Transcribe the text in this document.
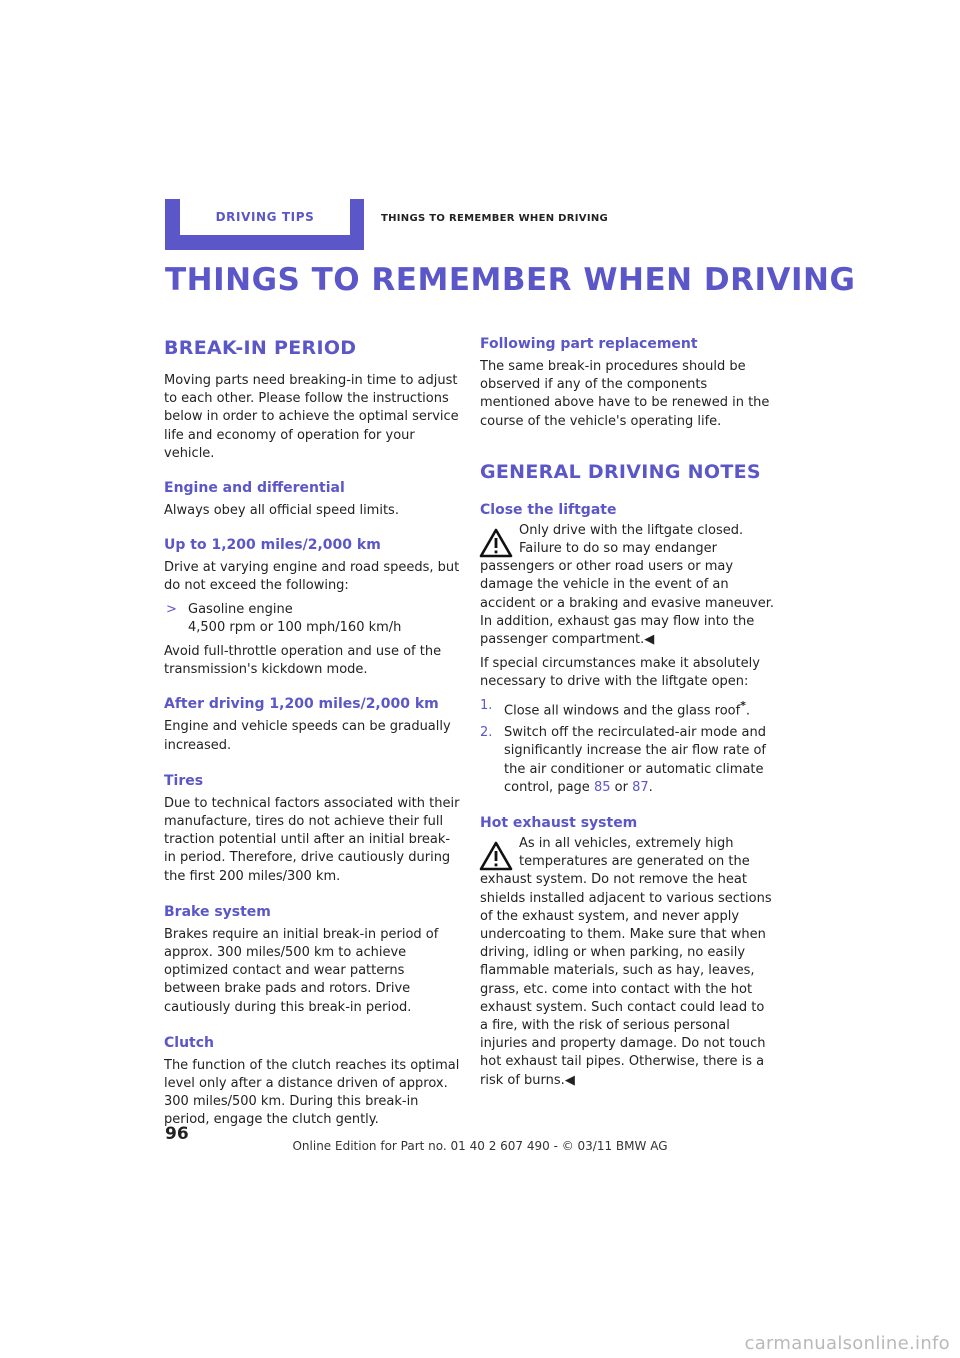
DRIVING TIPS	THINGS TO REMEMBER WHEN DRIVING
THINGS TO REMEMBER WHEN DRIVING
BREAK-IN PERIOD

Moving parts need breaking-in time to adjust to each other. Please follow the instructions below in order to achieve the optimal service life and economy of operation for your vehicle.

Engine and differential

Always obey all official speed limits.

Up to 1,200 miles/2,000 km

Drive at varying engine and road speeds, but do not exceed the following:

> Gasoline engine
4,500 rpm or 100 mph/160 km/h

Avoid full-throttle operation and use of the transmission's kickdown mode.

After driving 1,200 miles/2,000 km

Engine and vehicle speeds can be gradually increased.

Tires

Due to technical factors associated with their manufacture, tires do not achieve their full traction potential until after an initial break-in period. Therefore, drive cautiously during the first 200 miles/300 km.

Brake system

Brakes require an initial break-in period of approx. 300 miles/500 km to achieve optimized contact and wear patterns between brake pads and rotors. Drive cautiously during this break-in period.

Clutch

The function of the clutch reaches its optimal level only after a distance driven of approx. 300 miles/500 km. During this break-in period, engage the clutch gently.

Following part replacement

The same break-in procedures should be observed if any of the components mentioned above have to be renewed in the course of the vehicle's operating life.

GENERAL DRIVING NOTES
Close the liftgate
Only drive with the liftgate closed. Failure to do so may endanger passengers or other road users or may damage the vehicle in the event of an accident or a braking and evasive maneuver. In addition, exhaust gas may flow into the passenger compartment.◀

If special circumstances make it absolutely necessary to drive with the liftgate open:

1. Close all windows and the glass roof*.
2. Switch off the recirculated-air mode and significantly increase the air flow rate of the air conditioner or automatic climate control, page 85 or 87.
Hot exhaust system
As in all vehicles, extremely high temperatures are generated on the exhaust system. Do not remove the heat shields installed adjacent to various sections of the exhaust system, and never apply undercoating to them. Make sure that when driving, idling or when parking, no easily flammable materials, such as hay, leaves, grass, etc. come into contact with the hot exhaust system. Such contact could lead to a fire, with the risk of serious personal injuries and property damage. Do not touch hot exhaust tail pipes. Otherwise, there is a risk of burns.◀
96
Online Edition for Part no. 01 40 2 607 490 - © 03/11 BMW AG
carmanualsonline.info
